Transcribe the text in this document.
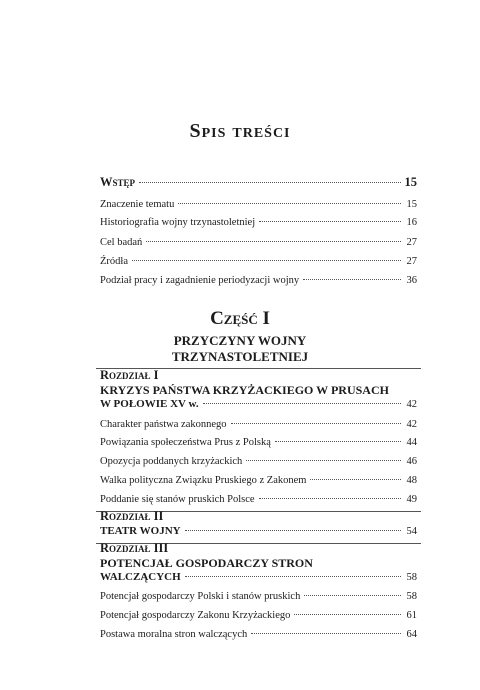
Spis treści
Wstęp	15
Znaczenie tematu	15
Historiografia wojny trzynastoletniej	16
Cel badań	27
Źródła	27
Podział pracy i zagadnienie periodyzacji wojny	36
Część I
PRZYCZYNY WOJNY
TRZYNASTOLETNIEJ
Rozdział I
KRYZYS PAŃSTWA KRZYŻACKIEGO W PRUSACH
W POŁOWIE XV w.	42
Charakter państwa zakonnego	42
Powiązania społeczeństwa Prus z Polską	44
Opozycja poddanych krzyżackich	46
Walka polityczna Związku Pruskiego z Zakonem	48
Poddanie się stanów pruskich Polsce	49
Rozdział II
TEATR WOJNY	54
Rozdział III
POTENCJAŁ GOSPODARCZY STRON
WALCZĄCYCH	58
Potencjał gospodarczy Polski i stanów pruskich	58
Potencjał gospodarczy Zakonu Krzyżackiego	61
Postawa moralna stron walczących	64
